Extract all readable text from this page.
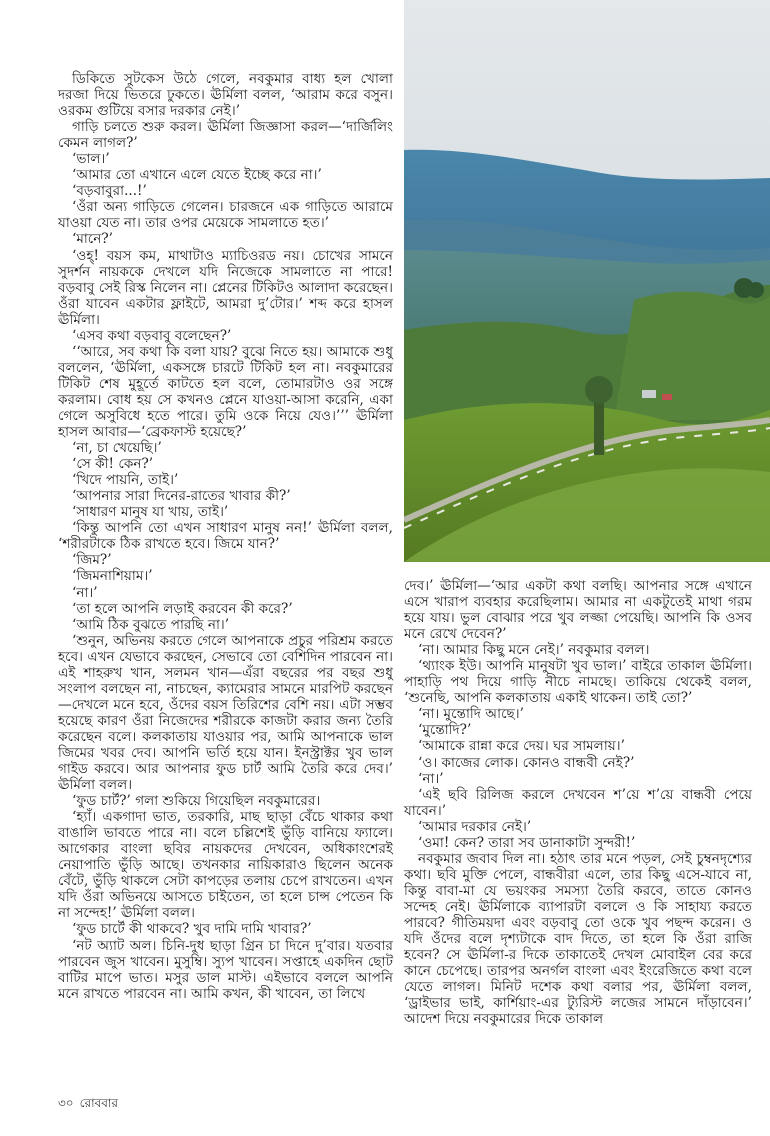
ডিকিতে সুটকেস উঠে গেলে, নবকুমার বাধ্য হল খোলা দরজা দিয়ে ভিতরে ঢুকতে। ঊর্মিলা বলল, ‘আরাম করে বসুন। ওরকম গুটিয়ে বসার দরকার নেই।’

গাড়ি চলতে শুরু করল। ঊর্মিলা জিজ্ঞাসা করল—‘দার্জিলিং কেমন লাগল?’

‘ভাল।’

‘আমার তো এখানে এলে যেতে ইচ্ছে করে না।’

‘বড়বাবুরা...!’

‘ওঁরা অন্য গাড়িতে গেলেন। চারজনে এক গাড়িতে আরামে যাওয়া যেত না। তার ওপর মেয়েকে সামলাতে হত।’

‘মানে?’

‘ওহ্‌! বয়স কম, মাথাটাও ম্যাচিওরড নয়। চোখের সামনে সুদর্শন নায়ককে দেখলে যদি নিজেকে সামলাতে না পারে! বড়বাবু সেই রিস্ক নিলেন না। প্লেনের টিকিটও আলাদা করেছেন। ওঁরা যাবেন একটার ফ্লাইটে, আমরা দু’টোর।’ শব্দ করে হাসল ঊর্মিলা।

‘এসব কথা বড়বাবু বলেছেন?’

‘‘আরে, সব কথা কি বলা যায়? বুঝে নিতে হয়। আমাকে শুধু বললেন, ‘ঊর্মিলা, একসঙ্গে চারটে টিকিট হল না। নবকুমারের টিকিট শেষ মুহূর্তে কাটতে হল বলে, তোমারটাও ওর সঙ্গে করলাম। বোধ হয় সে কখনও প্লেনে যাওয়া-আসা করেনি, একা গেলে অসুবিধে হতে পারে। তুমি ওকে নিয়ে যেও।’’’ ঊর্মিলা হাসল আবার—‘ব্রেকফাস্ট হয়েছে?’

‘না, চা খেয়েছি।’

‘সে কী! কেন?’

‘খিদে পায়নি, তাই।’

‘আপনার সারা দিনের-রাতের খাবার কী?’

‘সাধারণ মানুষ যা খায়, তাই।’

‘কিন্তু আপনি তো এখন সাধারণ মানুষ নন!’ ঊর্মিলা বলল, ‘শরীরটাকে ঠিক রাখতে হবে। জিমে যান?’

‘জিম?’

‘জিমনাশিয়াম।’

‘না।’

‘তা হলে আপনি লড়াই করবেন কী করে?’

‘আমি ঠিক বুঝতে পারছি না।’

‘শুনুন, অভিনয় করতে গেলে আপনাকে প্রচুর পরিশ্রম করতে হবে। এখন যেভাবে করছেন, সেভাবে তো বেশিদিন পারবেন না। এই শাহরুখ খান, সলমন খান—এঁরা বছরের পর বছর শুধু সংলাপ বলছেন না, নাচছেন, ক্যামেরার সামনে মারপিট করছেন—দেখলে মনে হবে, ওঁদের বয়স তিরিশের বেশি নয়। এটা সম্ভব হয়েছে কারণ ওঁরা নিজেদের শরীরকে কাজটা করার জন্য তৈরি করেছেন বলে। কলকাতায় যাওয়ার পর, আমি আপনাকে ভাল জিমের খবর দেব। আপনি ভর্তি হয়ে যান। ইনস্ট্রাক্টর খুব ভাল গাইড করবে। আর আপনার ফুড চার্ট আমি তৈরি করে দেব।’ ঊর্মিলা বলল।

‘ফুড চার্ট?’ গলা শুকিয়ে গিয়েছিল নবকুমারের।

‘হ্যাঁ। একগাদা ভাত, তরকারি, মাছ ছাড়া বেঁচে থাকার কথা বাঙালি ভাবতে পারে না। বলে চল্লিশেই ভুঁড়ি বানিয়ে ফ্যালে। আগেকার বাংলা ছবির নায়কদের দেখবেন, অধিকাংশেরই নেয়াপাতি ভুঁড়ি আছে। তখনকার নায়িকারাও ছিলেন অনেক বেঁটে, ভুঁড়ি থাকলে সেটা কাপড়ের তলায় চেপে রাখতেন। এখন যদি ওঁরা অভিনয়ে আসতে চাইতেন, তা হলে চান্স পেতেন কি না সন্দেহ!’ ঊর্মিলা বলল।

‘ফুড চার্টে কী থাকবে? খুব দামি দামি খাবার?’

‘নট অ্যাট অল। চিনি-দুধ ছাড়া গ্রিন চা দিনে দু’বার। যতবার পারবেন জুস খাবেন। মুসুম্বি। স্যুপ খাবেন। সপ্তাহে একদিন ছোট বাটির মাপে ভাত। মসুর ডাল মাস্ট। এইভাবে বললে আপনি মনে রাখতে পারবেন না। আমি কখন, কী খাবেন, তা লিখে

দেব।’ ঊর্মিলা—‘আর একটা কথা বলছি। আপনার সঙ্গে এখানে এসে খারাপ ব্যবহার করেছিলাম। আমার না একটুতেই মাথা গরম হয়ে যায়। ভুল বোঝার পরে খুব লজ্জা পেয়েছি। আপনি কি ওসব মনে রেখে দেবেন?’

‘না। আমার কিছু মনে নেই।’ নবকুমার বলল।

‘থ্যাংক ইউ। আপনি মানুষটা খুব ভাল।’ বাইরে তাকাল ঊর্মিলা। পাহাড়ি পথ দিয়ে গাড়ি নীচে নামছে। তাকিয়ে থেকেই বলল, ‘শুনেছি, আপনি কলকাতায় একাই থাকেন। তাই তো?’

‘না। মুন্তোদি আছে।’

‘মুন্তোদি?’

‘আমাকে রান্না করে দেয়। ঘর সামলায়।’

‘ও। কাজের লোক। কোনও বান্ধবী নেই?’

‘না।’

‘এই ছবি রিলিজ করলে দেখবেন শ’য়ে শ’য়ে বান্ধবী পেয়ে যাবেন।’

‘আমার দরকার নেই।’

‘ওমা! কেন? তারা সব ডানাকাটা সুন্দরী!’

নবকুমার জবাব দিল না। হঠাৎ তার মনে পড়ল, সেই চুম্বনদৃশ্যের কথা। ছবি মুক্তি পেলে, বান্ধবীরা এলে, তার কিছু এসে-যাবে না, কিন্তু বাবা-মা যে ভয়ংকর সমস্যা তৈরি করবে, তাতে কোনও সন্দেহ নেই। ঊর্মিলাকে ব্যাপারটা বললে ও কি সাহায্য করতে পারবে? গীতিময়দা এবং বড়বাবু তো ওকে খুব পছন্দ করেন। ও যদি ওঁদের বলে দৃশ্যটাকে বাদ দিতে, তা হলে কি ওঁরা রাজি হবেন? সে ঊর্মিলা-র দিকে তাকাতেই দেখল মোবাইল বের করে কানে চেপেছে। তারপর অনর্গল বাংলা এবং ইংরেজিতে কথা বলে যেতে লাগল। মিনিট দশেক কথা বলার পর, ঊর্মিলা বলল, ‘ড্রাইভার ভাই, কার্শিয়াং-এর ট্যুরিস্ট লজের সামনে দাঁড়াবেন।’ আদেশ দিয়ে নবকুমারের দিকে তাকাল

৩০ রোববার
